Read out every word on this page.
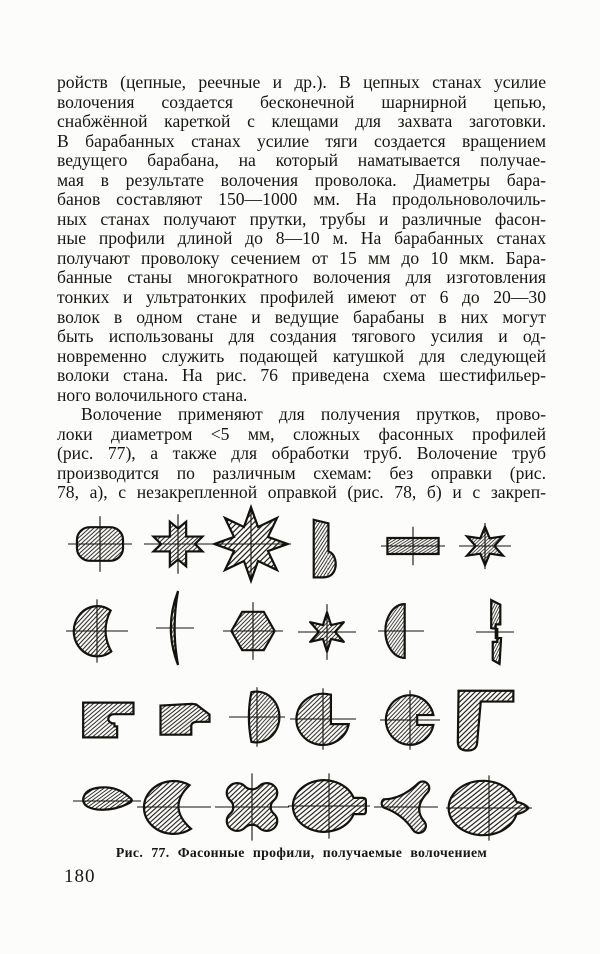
ройств (цепные, реечные и др.). В цепных станах усилие
волочения создается бесконечной шарнирной цепью,
снабжённой кареткой с клещами для захвата заготовки.
В барабанных станах усилие тяги создается вращением
ведущего барабана, на который наматывается получае-
мая в результате волочения проволока. Диаметры бара-
банов составляют 150—1000 мм. На продольноволочиль-
ных станах получают прутки, трубы и различные фасон-
ные профили длиной до 8—10 м. На барабанных станах
получают проволоку сечением от 15 мм до 10 мкм. Бара-
банные станы многократного волочения для изготовления
тонких и ультратонких профилей имеют от 6 до 20—30
волок в одном стане и ведущие барабаны в них могут
быть использованы для создания тягового усилия и од-
новременно служить подающей катушкой для следующей
волоки стана. На рис. 76 приведена схема шестифильер-
ного волочильного стана.
Волочение применяют для получения прутков, прово-
локи диаметром <5 мм, сложных фасонных профилей
(рис. 77), а также для обработки труб. Волочение труб
производится по различным схемам: без оправки (рис.
78, а), с незакрепленной оправкой (рис. 78, б) и с закреп-
Рис. 77. Фасонные профили, получаемые волочением
180
